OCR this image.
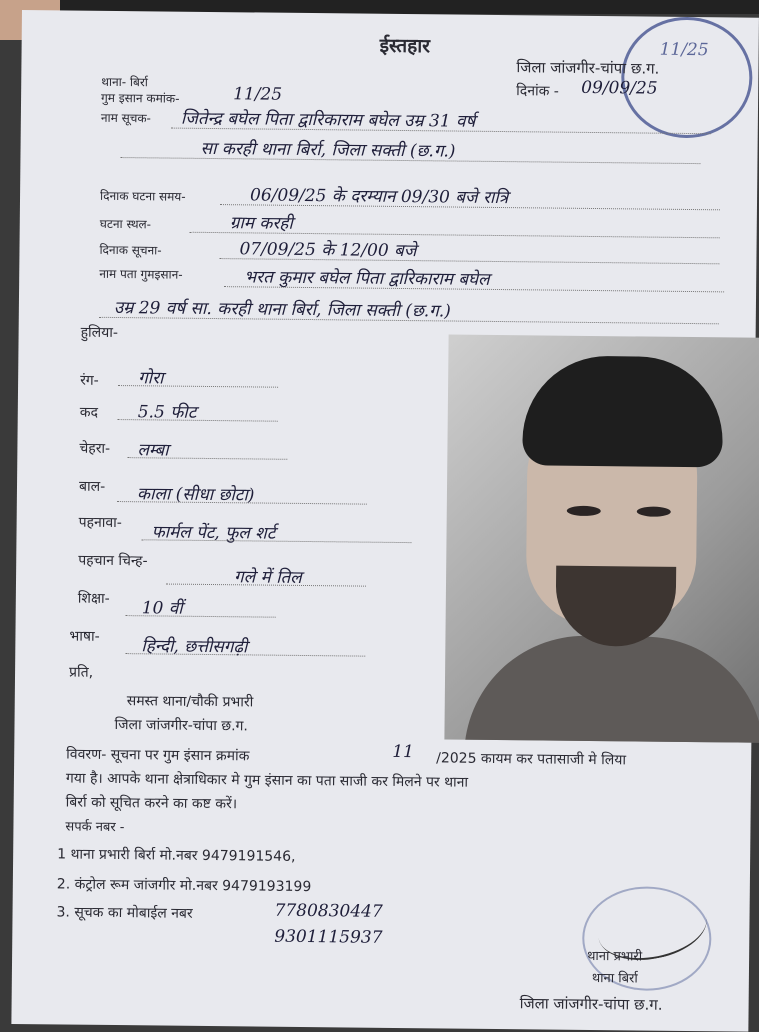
11/25
ईस्तहार
जिला जांजगीर-चांपा छ.ग.
दिनांक - 09/09/25
थाना- बिर्रा
गुम इसान कमांक-	11/25
नाम सूचक- जितेन्द्र बघेल पिता द्वारिकाराम बघेल उम्र 31 वर्ष
सा करही थाना बिर्रा, जिला सक्ती (छ.ग.)
दिनाक घटना समय-	06/09/25 के दरम्यान 09/30 बजे रात्रि
घटना स्थल-	ग्राम करही
दिनाक सूचना-	07/09/25 के 12/00 बजे
नाम पता गुमइसान-	भरत कुमार बघेल पिता द्वारिकाराम बघेल
उम्र 29 वर्ष सा. करही थाना बिर्रा, जिला सक्ती (छ.ग.)
हुलिया-
रंग- गोरा
कद 5.5 फीट
चेहरा- लम्बा
बाल- काला (सीधा छोटा)
पहनावा- फार्मल पेंट, फुल शर्ट
पहचान चिन्ह-
गले में तिल
शिक्षा- 10 वीं
भाषा- हिन्दी, छत्तीसगढ़ी
प्रति,
समस्त थाना/चौकी प्रभारी
जिला जांजगीर-चांपा छ.ग.
विवरण- सूचना पर गुम इंसान क्रमांक	11 /2025 कायम कर पतासाजी मे लिया
गया है। आपके थाना क्षेत्राधिकार मे गुम इंसान का पता साजी कर मिलने पर थाना
बिर्रा को सूचित करने का कष्ट करें।
सपर्क नबर -
1 थाना प्रभारी बिर्रा मो.नबर 9479191546,
2. कंट्रोल रूम जांजगीर मो.नबर 9479193199
3. सूचक का मोबाईल नबर	7780830447
9301115937
थाना प्रभारी
थाना बिर्रा
जिला जांजगीर-चांपा छ.ग.
